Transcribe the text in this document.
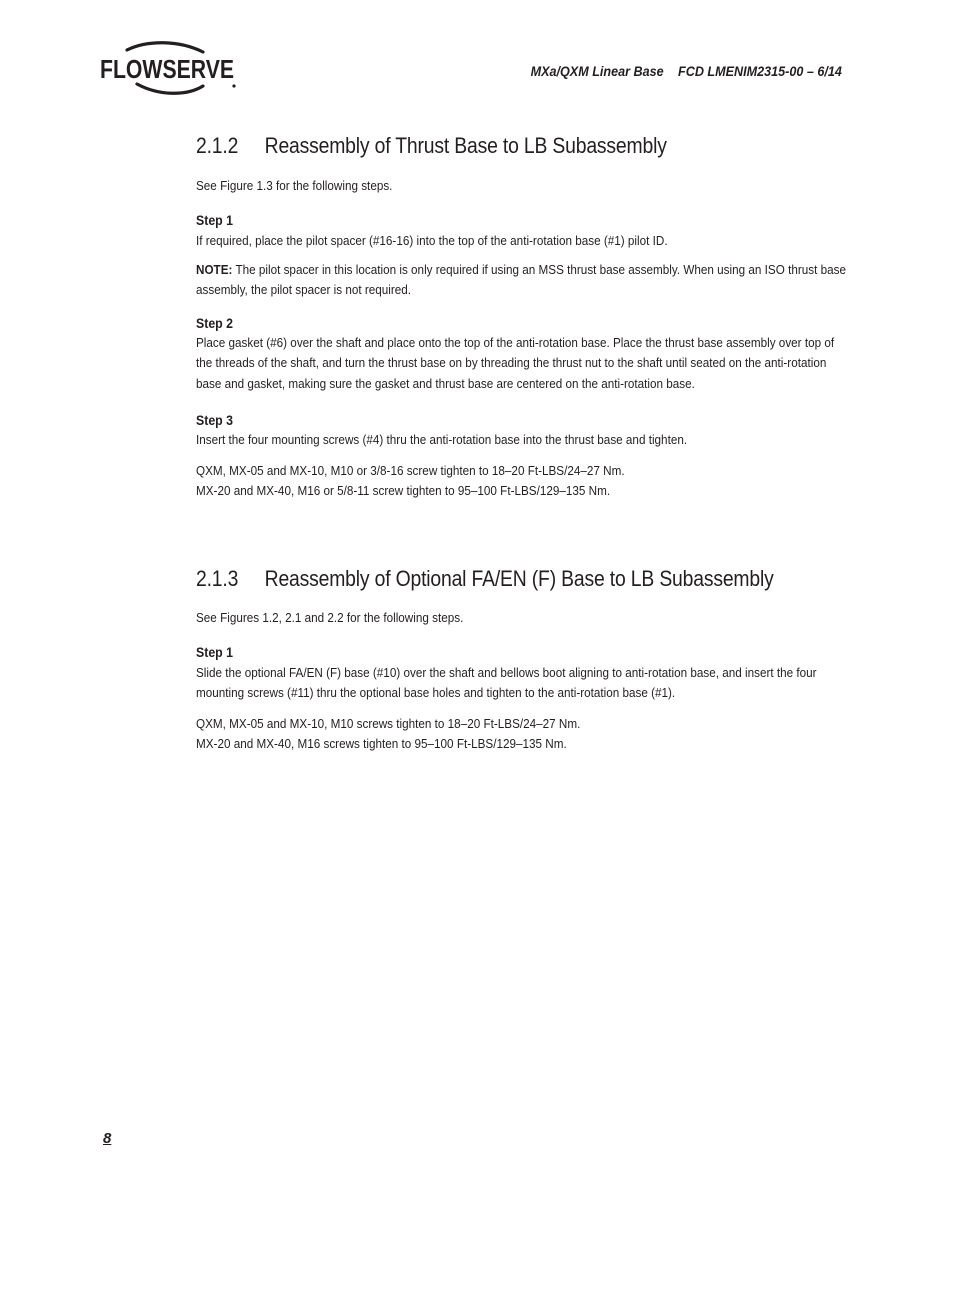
FLOWSERVE	MXa/QXM Linear Base FCD LMENIM2315-00 – 6/14
2.1.2 Reassembly of Thrust Base to LB Subassembly

See Figure 1.3 for the following steps.

Step 1

If required, place the pilot spacer (#16-16) into the top of the anti-rotation base (#1) pilot ID.

NOTE: The pilot spacer in this location is only required if using an MSS thrust base assembly. When using an ISO thrust base assembly, the pilot spacer is not required.

Step 2

Place gasket (#6) over the shaft and place onto the top of the anti-rotation base. Place the thrust base assembly over top of the threads of the shaft, and turn the thrust base on by threading the thrust nut to the shaft until seated on the anti-rotation base and gasket, making sure the gasket and thrust base are centered on the anti-rotation base.

Step 3

Insert the four mounting screws (#4) thru the anti-rotation base into the thrust base and tighten.

QXM, MX-05 and MX-10, M10 or 3/8-16 screw tighten to 18–20 Ft-LBS/24–27 Nm.

MX-20 and MX-40, M16 or 5/8-11 screw tighten to 95–100 Ft-LBS/129–135 Nm.

2.1.3 Reassembly of Optional FA/EN (F) Base to LB Subassembly

See Figures 1.2, 2.1 and 2.2 for the following steps.

Step 1

Slide the optional FA/EN (F) base (#10) over the shaft and bellows boot aligning to anti-rotation base, and insert the four mounting screws (#11) thru the optional base holes and tighten to the anti-rotation base (#1).

QXM, MX-05 and MX-10, M10 screws tighten to 18–20 Ft-LBS/24–27 Nm.

MX-20 and MX-40, M16 screws tighten to 95–100 Ft-LBS/129–135 Nm.

8
